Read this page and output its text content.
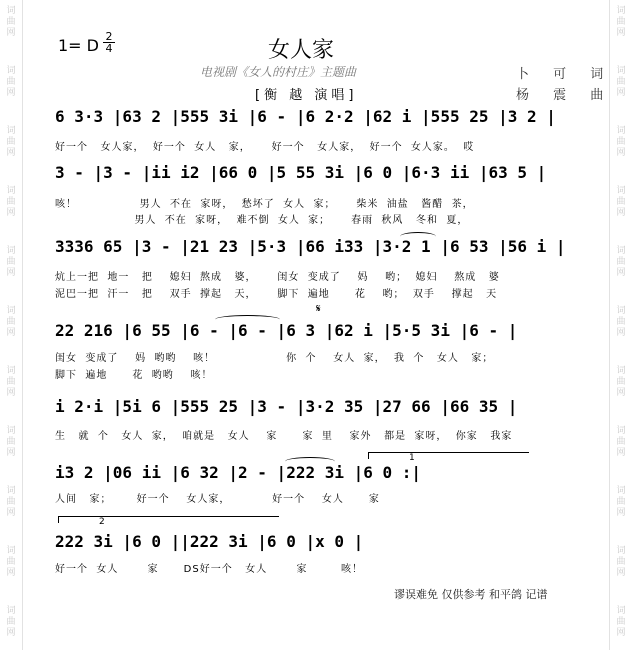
词
曲
网
词
曲
网
词
曲
网
词
曲
网
词
曲
网
词
曲
网
词
曲
网
词
曲
网
词
曲
网
词
曲
网
词
曲
网
词
曲
网
词
曲
网
词
曲
网
词
曲
网
词
曲
网
词
曲
网
词
曲
网
词
曲
网
词
曲
网
词
曲
网
词
曲
网
1= D 2
4	女人家
电视剧《女人的村庄》主题曲	卜 可 词
杨 震 曲
[衡 越 演唱]
6 3·3 |63 2 |555 3i |6 - |6 2·2 |62 i |555 25 |3 2 |
好一个   女人家，  好一个  女人   家，     好一个   女人家，  好一个  女人家。  哎
3 - |3 - |ii i2 |66 0 |5 55 3i |6 0 |6·3 ii |63 5 |
咳！               男人  不在  家呀，  愁坏了  女人  家；     柴米  油盐   酱醋  茶，
男人  不在  家呀，  难不倒  女人  家；     春雨  秋风   冬和  夏，
3336 65 |3 - |21 23 |5·3 |66 i33 |3·2 1 |6 53 |56 i |
炕上一把  地一   把    媳妇  熬成   婆，     闺女  变成了    妈    哟；  媳妇    熬成   婆
泥巴一把  汗一   把    双手  撑起   天，     脚下  遍地      花    哟；  双手    撑起   天
𝄋
22 216 |6 55 |6 - |6 - |6 3 |62 i |5·5 3i |6 - |
闺女  变成了    妈  哟哟    咳！                 你  个    女人  家，  我  个   女人   家；
脚下  遍地      花  哟哟    咳！
i 2·i |5i 6 |555 25 |3 - |3·2 35 |27 66 |66 35 |
生   就  个   女人  家，  咱就是   女人    家      家  里    家外   都是  家呀，  你家   我家
1
i3 2 |06 ii |6 32 |2 - |222 3i |6 0 :|
人间   家；      好一个    女人家，          好一个    女人      家
2
222 3i |6 0 ||222 3i |6 0 |x 0 |
好一个  女人       家      DS好一个   女人       家        咳！
谬误难免 仅供参考 和平鸽 记谱
